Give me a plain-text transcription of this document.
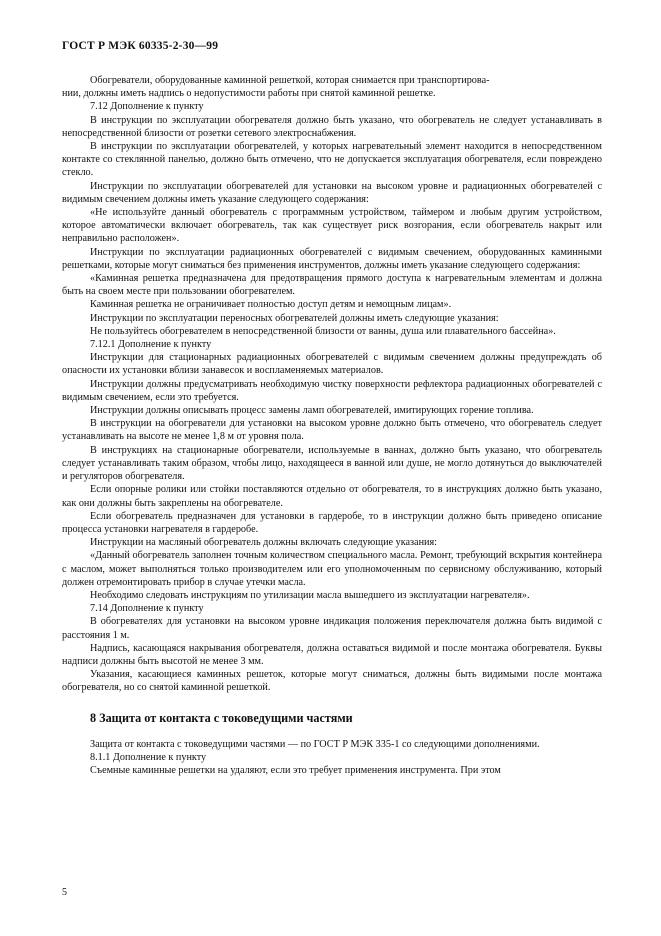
ГОСТ Р МЭК 60335-2-30—99

Обогреватели, оборудованные каминной решеткой, которая снимается при транспортирова-

нии, должны иметь надпись о недопустимости работы при снятой каминной решетке.

7.12 Дополнение к пункту

В инструкции по эксплуатации обогревателя должно быть указано, что обогреватель не следует устанавливать в непосредственной близости от розетки сетевого электроснабжения.

В инструкции по эксплуатации обогревателей, у которых нагревательный элемент находится в непосредственном контакте со стеклянной панелью, должно быть отмечено, что не допускается эксплуатация обогревателя, если повреждено стекло.

Инструкции по эксплуатации обогревателей для установки на высоком уровне и радиационных обогревателей с видимым свечением должны иметь указание следующего содержания:

«Не используйте данный обогреватель с программным устройством, таймером и любым другим устройством, которое автоматически включает обогреватель, так как существует риск возгорания, если обогреватель накрыт или неправильно расположен».

Инструкции по эксплуатации радиационных обогревателей с видимым свечением, оборудованных каминными решетками, которые могут сниматься без применения инструментов, должны иметь указание следующего содержания:

«Каминная решетка предназначена для предотвращения прямого доступа к нагревательным элементам и должна быть на своем месте при пользовании обогревателем.

Каминная решетка не ограничивает полностью доступ детям и немощным лицам».

Инструкции по эксплуатации переносных обогревателей должны иметь следующие указания:

Не пользуйтесь обогревателем в непосредственной близости от ванны, душа или плавательного бассейна».

7.12.1 Дополнение к пункту

Инструкции для стационарных радиационных обогревателей с видимым свечением должны предупреждать об опасности их установки вблизи занавесок и воспламеняемых материалов.

Инструкции должны предусматривать необходимую чистку поверхности рефлектора радиационных обогревателей с видимым свечением, если это требуется.

Инструкции должны описывать процесс замены ламп обогревателей, имитирующих горение топлива.

В инструкции на обогреватели для установки на высоком уровне должно быть отмечено, что обогреватель следует устанавливать на высоте не менее 1,8 м от уровня пола.

В инструкциях на стационарные обогреватели, используемые в ваннах, должно быть указано, что обогреватель следует устанавливать таким образом, чтобы лицо, находящееся в ванной или душе, не могло дотянуться до выключателей и регуляторов обогревателя.

Если опорные ролики или стойки поставляются отдельно от обогревателя, то в инструкциях должно быть указано, как они должны быть закреплены на обогревателе.

Если обогреватель предназначен для установки в гардеробе, то в инструкции должно быть приведено описание процесса установки нагревателя в гардеробе.

Инструкции на масляный обогреватель должны включать следующие указания:

«Данный обогреватель заполнен точным количеством специального масла. Ремонт, требующий вскрытия контейнера с маслом, может выполняться только производителем или его уполномоченным по сервисному обслуживанию, который должен отремонтировать прибор в случае утечки масла.

Необходимо следовать инструкциям по утилизации масла вышедшего из эксплуатации нагревателя».

7.14 Дополнение к пункту

В обогревателях для установки на высоком уровне индикация положения переключателя должна быть видимой с расстояния 1 м.

Надпись, касающаяся накрывания обогревателя, должна оставаться видимой и после монтажа обогревателя. Буквы надписи должны быть высотой не менее 3 мм.

Указания, касающиеся каминных решеток, которые могут сниматься, должны быть видимыми после монтажа обогревателя, но со снятой каминной решеткой.

8 Защита от контакта с токоведущими частями

Защита от контакта с токоведущими частями — по ГОСТ Р МЭК 335-1 со следующими дополнениями.

8.1.1 Дополнение к пункту

Съемные каминные решетки на удаляют, если это требует применения инструмента. При этом

5
